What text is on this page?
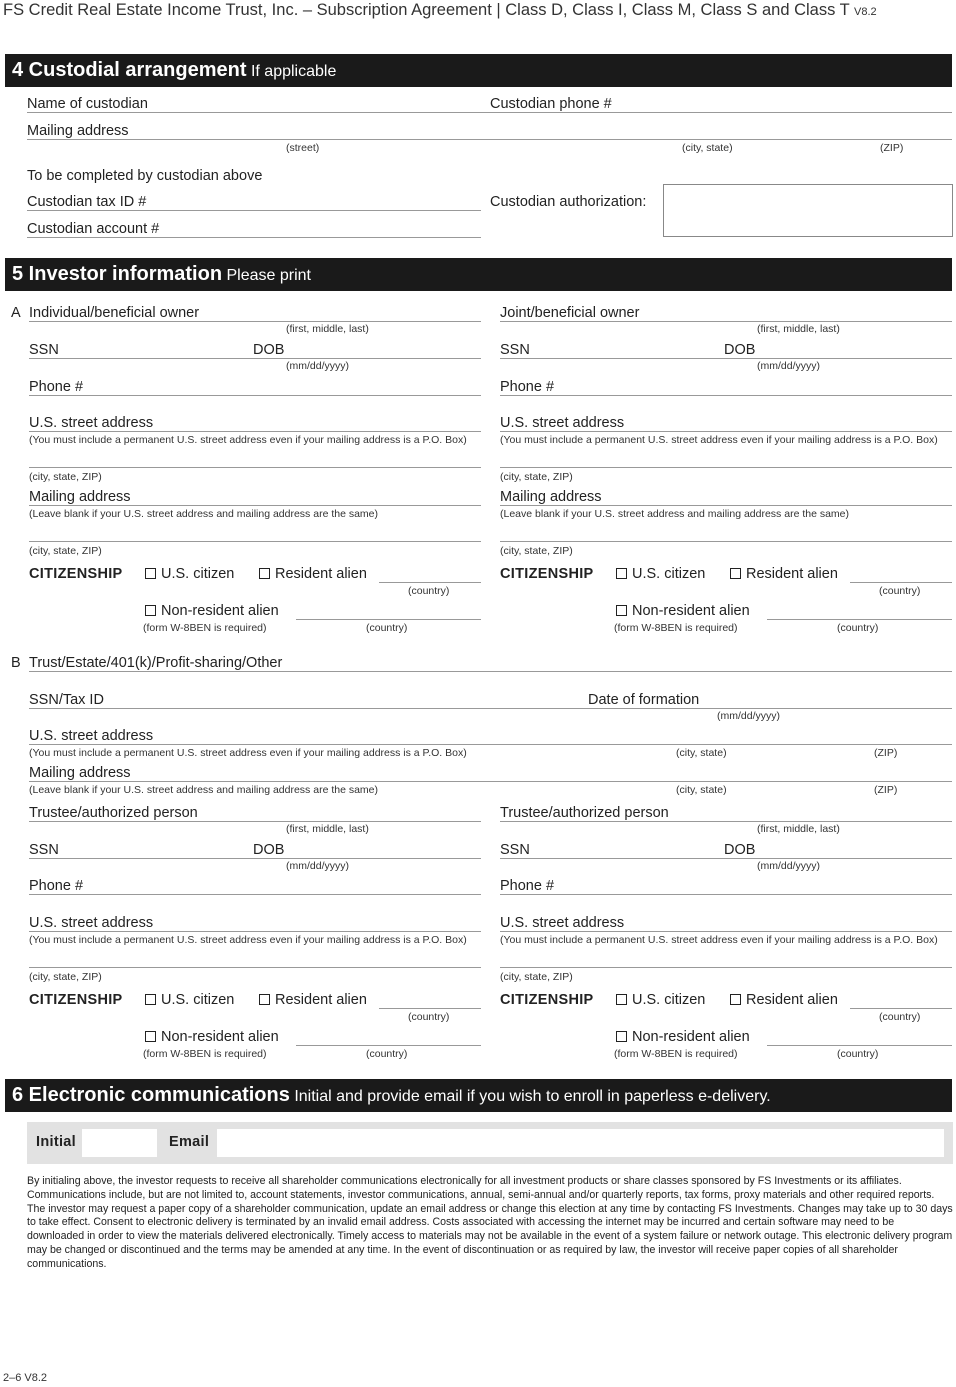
FS Credit Real Estate Income Trust, Inc. – Subscription Agreement | Class D, Class I, Class M, Class S and Class T V8.2
4 Custodial arrangement If applicable
Name of custodian	Custodian phone #
Mailing address
(street)	(city, state)	(ZIP)
To be completed by custodian above
Custodian tax ID #	Custodian authorization:
Custodian account #
5 Investor information Please print
A Individual/beneficial owner
(first, middle, last)
SSN	DOB
(mm/dd/yyyy)
Phone #
U.S. street address
(You must include a permanent U.S. street address even if your mailing address is a P.O. Box)
(city, state, ZIP)
Mailing address
(Leave blank if your U.S. street address and mailing address are the same)
(city, state, ZIP)
CITIZENSHIP	U.S. citizen	Resident alien
(country)
Non-resident alien
(form W-8BEN is required)	(country)
Joint/beneficial owner
(first, middle, last)
SSN	DOB
(mm/dd/yyyy)
Phone #
U.S. street address
(You must include a permanent U.S. street address even if your mailing address is a P.O. Box)
(city, state, ZIP)
Mailing address
(Leave blank if your U.S. street address and mailing address are the same)
(city, state, ZIP)
CITIZENSHIP	U.S. citizen	Resident alien
(country)
Non-resident alien
(form W-8BEN is required)	(country)
B Trust/Estate/401(k)/Profit-sharing/Other
SSN/Tax ID	Date of formation
(mm/dd/yyyy)
U.S. street address
(You must include a permanent U.S. street address even if your mailing address is a P.O. Box)	(city, state)	(ZIP)
Mailing address
(Leave blank if your U.S. street address and mailing address are the same)	(city, state)	(ZIP)
Trustee/authorized person
(first, middle, last)
SSN	DOB
(mm/dd/yyyy)
Phone #
U.S. street address
(You must include a permanent U.S. street address even if your mailing address is a P.O. Box)
(city, state, ZIP)
CITIZENSHIP	U.S. citizen	Resident alien
(country)
Non-resident alien
(form W-8BEN is required)	(country)
Trustee/authorized person
(first, middle, last)
SSN	DOB
(mm/dd/yyyy)
Phone #
U.S. street address
(You must include a permanent U.S. street address even if your mailing address is a P.O. Box)
(city, state, ZIP)
CITIZENSHIP	U.S. citizen	Resident alien
(country)
Non-resident alien
(form W-8BEN is required)	(country)
6 Electronic communications Initial and provide email if you wish to enroll in paperless e-delivery.
Initial	Email
By initialing above, the investor requests to receive all shareholder communications electronically for all investment products or share classes sponsored by FS Investments or its affiliates. Communications include, but are not limited to, account statements, investor communications, annual, semi-annual and/or quarterly reports, tax forms, proxy materials and other required reports. The investor may request a paper copy of a shareholder communication, update an email address or change this election at any time by contacting FS Investments. Changes may take up to 30 days to take effect. Consent to electronic delivery is terminated by an invalid email address. Costs associated with accessing the internet may be incurred and certain software may need to be downloaded in order to view the materials delivered electronically. Timely access to materials may not be available in the event of a system failure or network outage. This electronic delivery program may be changed or discontinued and the terms may be amended at any time. In the event of discontinuation or as required by law, the investor will receive paper copies of all shareholder communications.
2–6 V8.2
